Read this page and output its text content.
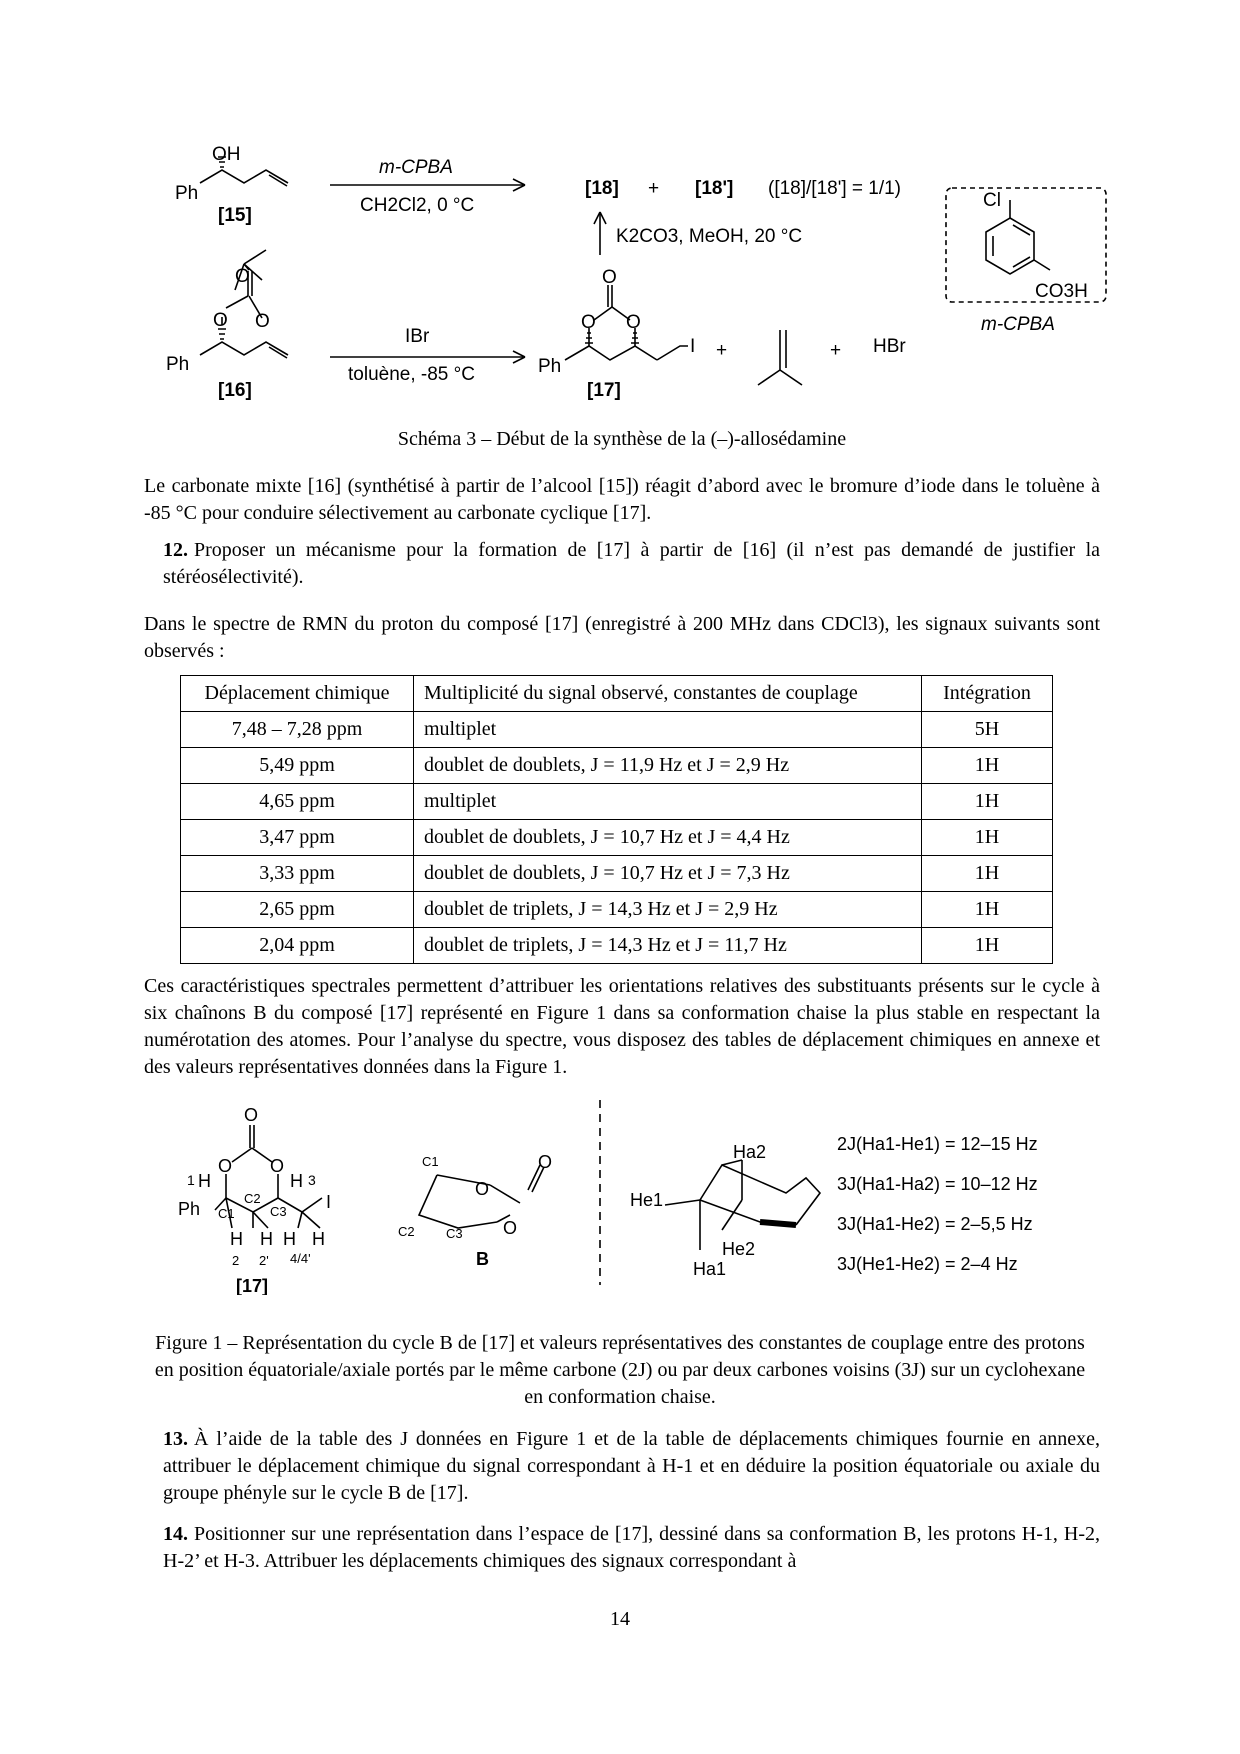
OH
Ph
[15]
m-CPBA
CH2Cl2, 0 °C
[18] + [18'] ([18]/[18'] = 1/1)
K2CO3, MeOH, 20 °C
O
O O
Ph
[16]
IBr
toluène, -85 °C
O
O O
Ph
I
[17]
+	+ HBr
Cl
CO3H
m-CPBA
Schéma 3 – Début de la synthèse de la (–)-allosédamine
Le carbonate mixte [16] (synthétisé à partir de l’alcool [15]) réagit d’abord avec le bromure d’iode dans le toluène à -85 °C pour conduire sélectivement au carbonate cyclique [17].
12. Proposer un mécanisme pour la formation de [17] à partir de [16] (il n’est pas demandé de justifier la stéréosélectivité).
Dans le spectre de RMN du proton du composé [17] (enregistré à 200 MHz dans CDCl3), les signaux suivants sont observés :
Déplacement chimique	Multiplicité du signal observé, constantes de couplage	Intégration
7,48 – 7,28 ppm	multiplet	5H
5,49 ppm	doublet de doublets, J = 11,9 Hz et J = 2,9 Hz	1H
4,65 ppm	multiplet	1H
3,47 ppm	doublet de doublets, J = 10,7 Hz et J = 4,4 Hz	1H
3,33 ppm	doublet de doublets, J = 10,7 Hz et J = 7,3 Hz	1H
2,65 ppm	doublet de triplets, J = 14,3 Hz et J = 2,9 Hz	1H
2,04 ppm	doublet de triplets, J = 14,3 Hz et J = 11,7 Hz	1H
Ces caractéristiques spectrales permettent d’attribuer les orientations relatives des substituants présents sur le cycle à six chaînons B du composé [17] représenté en Figure 1 dans sa conformation chaise la plus stable en respectant la numérotation des atomes. Pour l’analyse du spectre, vous disposez des tables de déplacement chimiques en annexe et des valeurs représentatives données dans la Figure 1.
O
O O
1 H	H 3
Ph	I
C2
C1	C3
H H H H
2 2' 4/4'
[17]
C1
O
O
O
C2 C3
B
Ha2
He1
He2
Ha1
2J(Ha1-He1) = 12–15 Hz
3J(Ha1-Ha2) = 10–12 Hz
3J(Ha1-He2) = 2–5,5 Hz
3J(He1-He2) = 2–4 Hz
Figure 1 – Représentation du cycle B de [17] et valeurs représentatives des constantes de couplage entre des protons en position équatoriale/axiale portés par le même carbone (2J) ou par deux carbones voisins (3J) sur un cyclohexane en conformation chaise.
13. À l’aide de la table des J données en Figure 1 et de la table de déplacements chimiques fournie en annexe, attribuer le déplacement chimique du signal correspondant à H-1 et en déduire la position équatoriale ou axiale du groupe phényle sur le cycle B de [17].
14. Positionner sur une représentation dans l’espace de [17], dessiné dans sa conformation B, les protons H-1, H-2, H-2’ et H-3. Attribuer les déplacements chimiques des signaux correspondant à
14
